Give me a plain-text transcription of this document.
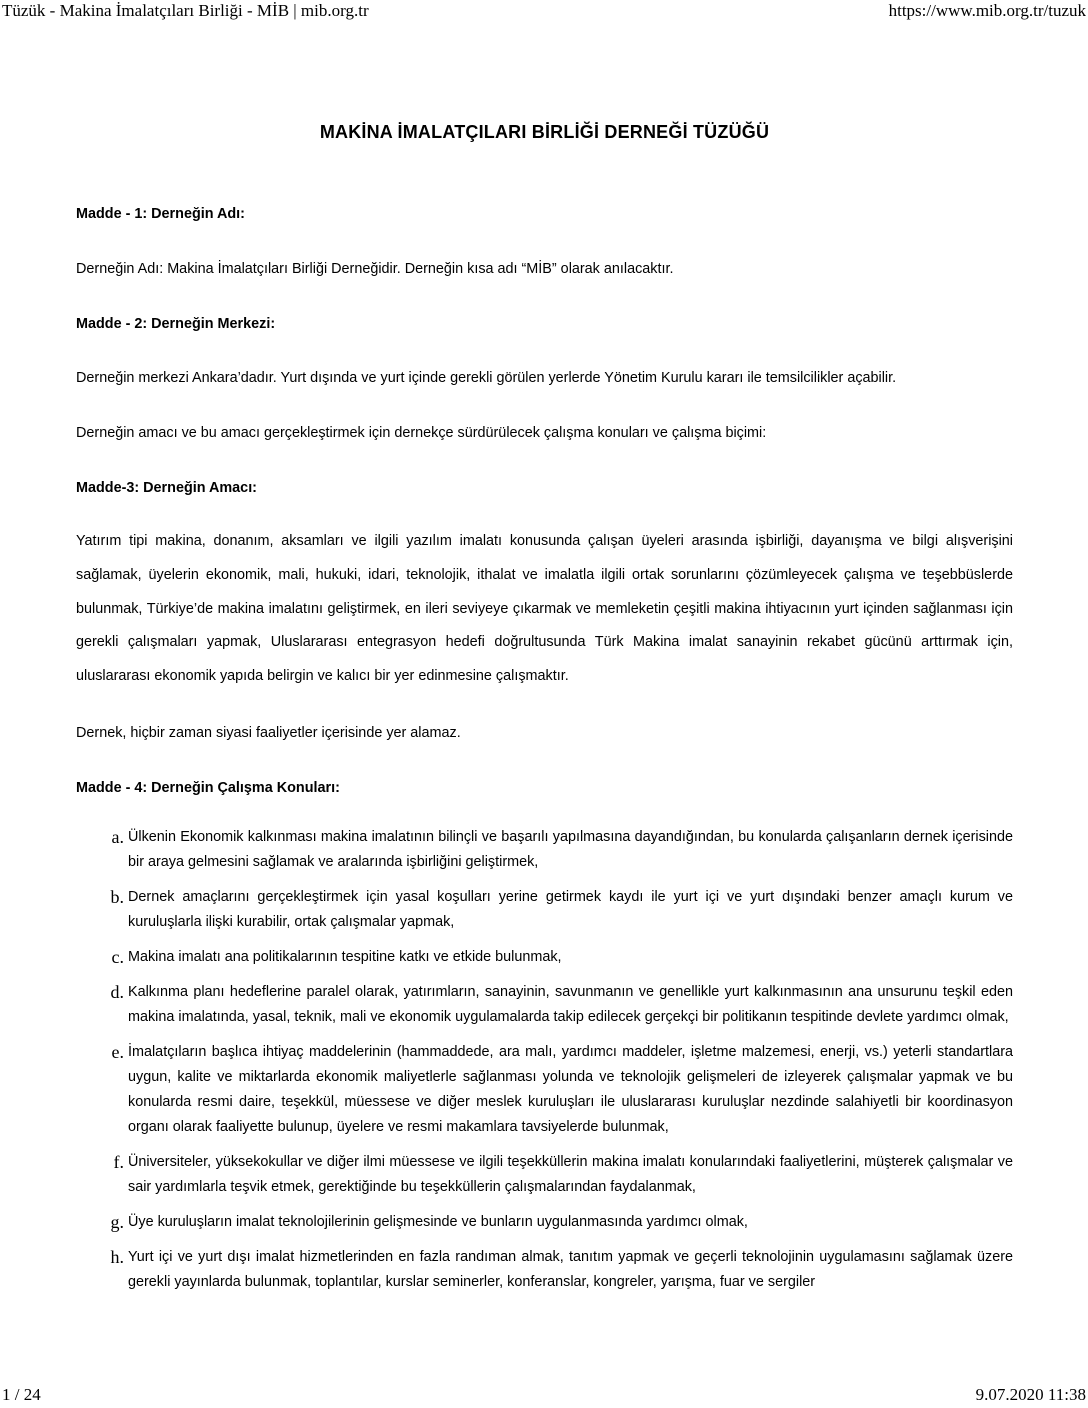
Tüzük - Makina İmalatçıları Birliği - MİB | mib.org.tr	https://www.mib.org.tr/tuzuk
MAKİNA İMALATÇILARI BİRLİĞİ DERNEĞİ TÜZÜĞÜ
Madde - 1: Derneğin Adı:
Derneğin Adı: Makina İmalatçıları Birliği Derneğidir. Derneğin kısa adı “MİB” olarak anılacaktır.
Madde - 2: Derneğin Merkezi:
Derneğin merkezi Ankara’dadır. Yurt dışında ve yurt içinde gerekli görülen yerlerde Yönetim Kurulu kararı ile temsilcilikler açabilir.
Derneğin amacı ve bu amacı gerçekleştirmek için dernekçe sürdürülecek çalışma konuları ve çalışma biçimi:
Madde-3: Derneğin Amacı:
Yatırım tipi makina, donanım, aksamları ve ilgili yazılım imalatı konusunda çalışan üyeleri arasında işbirliği, dayanışma ve bilgi alışverişini sağlamak, üyelerin ekonomik, mali, hukuki, idari, teknolojik, ithalat ve imalatla ilgili ortak sorunlarını çözümleyecek çalışma ve teşebbüslerde bulunmak, Türkiye’de makina imalatını geliştirmek, en ileri seviyeye çıkarmak ve memleketin çeşitli makina ihtiyacının yurt içinden sağlanması için gerekli çalışmaları yapmak, Uluslararası entegrasyon hedefi doğrultusunda Türk Makina imalat sanayinin rekabet gücünü arttırmak için, uluslararası ekonomik yapıda belirgin ve kalıcı bir yer edinmesine çalışmaktır.
Dernek, hiçbir zaman siyasi faaliyetler içerisinde yer alamaz.
Madde - 4: Derneğin Çalışma Konuları:
a. Ülkenin Ekonomik kalkınması makina imalatının bilinçli ve başarılı yapılmasına dayandığından, bu konularda çalışanların dernek içerisinde bir araya gelmesini sağlamak ve aralarında işbirliğini geliştirmek,
b. Dernek amaçlarını gerçekleştirmek için yasal koşulları yerine getirmek kaydı ile yurt içi ve yurt dışındaki benzer amaçlı kurum ve kuruluşlarla ilişki kurabilir, ortak çalışmalar yapmak,
c. Makina imalatı ana politikalarının tespitine katkı ve etkide bulunmak,
d. Kalkınma planı hedeflerine paralel olarak, yatırımların, sanayinin, savunmanın ve genellikle yurt kalkınmasının ana unsurunu teşkil eden makina imalatında, yasal, teknik, mali ve ekonomik uygulamalarda takip edilecek gerçekçi bir politikanın tespitinde devlete yardımcı olmak,
e. İmalatçıların başlıca ihtiyaç maddelerinin (hammaddede, ara malı, yardımcı maddeler, işletme malzemesi, enerji, vs.) yeterli standartlara uygun, kalite ve miktarlarda ekonomik maliyetlerle sağlanması yolunda ve teknolojik gelişmeleri de izleyerek çalışmalar yapmak ve bu konularda resmi daire, teşekkül, müessese ve diğer meslek kuruluşları ile uluslararası kuruluşlar nezdinde salahiyetli bir koordinasyon organı olarak faaliyette bulunup, üyelere ve resmi makamlara tavsiyelerde bulunmak,
f. Üniversiteler, yüksekokullar ve diğer ilmi müessese ve ilgili teşekküllerin makina imalatı konularındaki faaliyetlerini, müşterek çalışmalar ve sair yardımlarla teşvik etmek, gerektiğinde bu teşekküllerin çalışmalarından faydalanmak,
g. Üye kuruluşların imalat teknolojilerinin gelişmesinde ve bunların uygulanmasında yardımcı olmak,
h. Yurt içi ve yurt dışı imalat hizmetlerinden en fazla randıman almak, tanıtım yapmak ve geçerli teknolojinin uygulamasını sağlamak üzere gerekli yayınlarda bulunmak, toplantılar, kurslar seminerler, konferanslar, kongreler, yarışma, fuar ve sergiler
1 / 24	9.07.2020 11:38
